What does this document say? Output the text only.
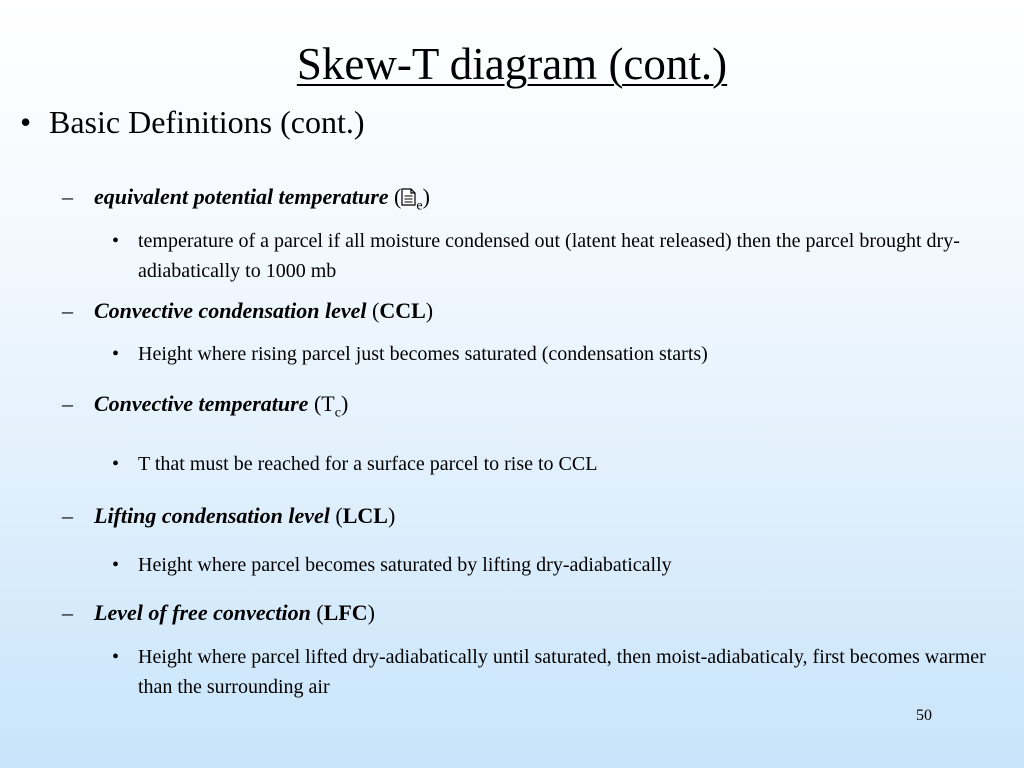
Skew-T diagram (cont.)
• Basic Definitions (cont.)
– equivalent potential temperature ( $_e$)
• temperature of a parcel if all moisture condensed out (latent heat released) then the parcel brought dry-adiabatically to 1000 mb
– Convective condensation level (CCL)
• Height where rising parcel just becomes saturated (condensation starts)
– Convective temperature $(T_c)$
• T that must be reached for a surface parcel to rise to CCL
– Lifting condensation level (LCL)
• Height where parcel becomes saturated by lifting dry-adiabatically
– Level of free convection (LFC)
• Height where parcel lifted dry-adiabatically until saturated, then moist-adiabaticaly, first becomes warmer than the surrounding air
50
